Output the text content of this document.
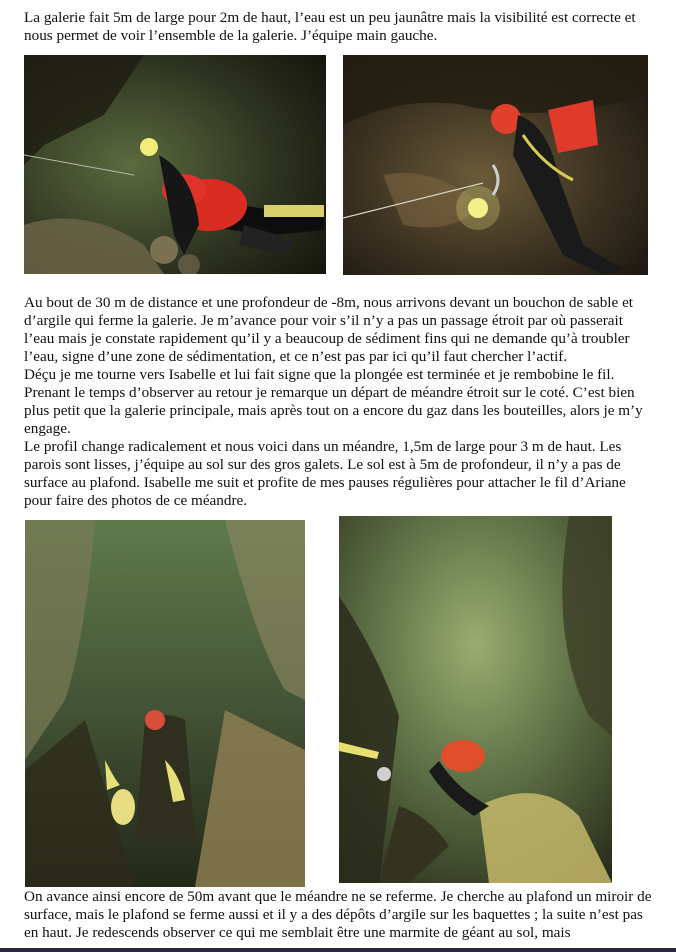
La galerie fait 5m de large pour 2m de haut, l’eau est un peu jaunâtre mais la visibilité est correcte et nous permet de voir l’ensemble de la galerie. J’équipe main gauche.

Au bout de 30 m de distance et une profondeur de -8m, nous arrivons devant un bouchon de sable et d’argile qui ferme la galerie. Je m’avance pour voir s’il n’y a pas un passage étroit par où passerait l’eau mais je constate rapidement qu’il y a beaucoup de sédiment fins qui ne demande qu’à troubler l’eau, signe d’une zone de sédimentation, et ce n’est pas par ici qu’il faut chercher l’actif.
Déçu je me tourne vers Isabelle et lui fait signe que la plongée est terminée et je rembobine le fil. Prenant le temps d’observer au retour je remarque un départ de méandre étroit sur le coté. C’est bien plus petit que la galerie principale, mais après tout on a encore du gaz dans les bouteilles, alors je m’y engage.
Le profil change radicalement et nous voici dans un méandre, 1,5m de large pour 3 m de haut. Les parois sont lisses, j’équipe au sol sur des gros galets. Le sol est à 5m de profondeur, il n’y a pas de surface au plafond. Isabelle me suit et profite de mes pauses régulières pour attacher le fil d’Ariane pour faire des photos de ce méandre.

On avance ainsi encore de 50m avant que le méandre ne se referme. Je cherche au plafond un miroir de surface, mais le plafond se ferme aussi et il y a des dépôts d’argile sur les baquettes ; la suite n’est pas en haut. Je redescends observer ce qui me semblait être une marmite de géant au sol, mais
